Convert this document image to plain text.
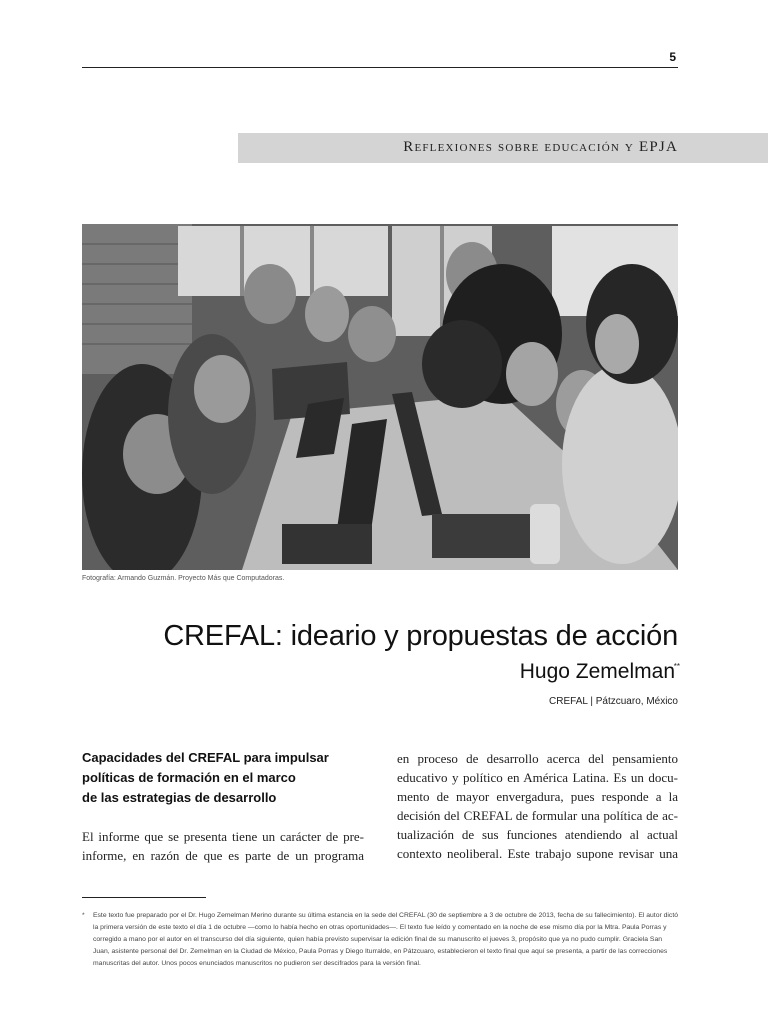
5
Reflexiones sobre educación y EPJA
Fotografía: Armando Guzmán. Proyecto Más que Computadoras.
CREFAL: ideario y propuestas de acción
Hugo Zemelman
**
CREFAL | Pátzcuaro, México
Capacidades del CREFAL para impulsar
políticas de formación en el marco
de las estrategias de desarrollo
El informe que se presenta tiene un carácter de pre-
informe, en razón de que es parte de un programa
en proceso de desarrollo acerca del pensamiento
educativo y político en América Latina. Es un docu-
mento de mayor envergadura, pues responde a la
decisión del CREFAL de formular una política de ac-
tualización de sus funciones atendiendo al actual
contexto neoliberal. Este trabajo supone revisar una
* Este texto fue preparado por el Dr. Hugo Zemelman Merino durante su última estancia en la sede del CREFAL (30 de septiembre a 3 de octubre de 2013, fecha de su fallecimiento). El autor dictó la primera versión de este texto el día 1 de octubre —como lo había hecho en otras oportunidades—. El texto fue leído y comentado en la noche de ese mismo día por la Mtra. Paula Porras y corregido a mano por el autor en el transcurso del día siguiente, quien había previsto supervisar la edición final de su manuscrito el jueves 3, propósito que ya no pudo cumplir. Graciela San Juan, asistente personal del Dr. Zemelman en la Ciudad de México, Paula Porras y Diego Iturralde, en Pátzcuaro, establecieron el texto final que aquí se presenta, a partir de las correcciones manuscritas del autor. Unos pocos enunciados manuscritos no pudieron ser descifrados para la versión final.
